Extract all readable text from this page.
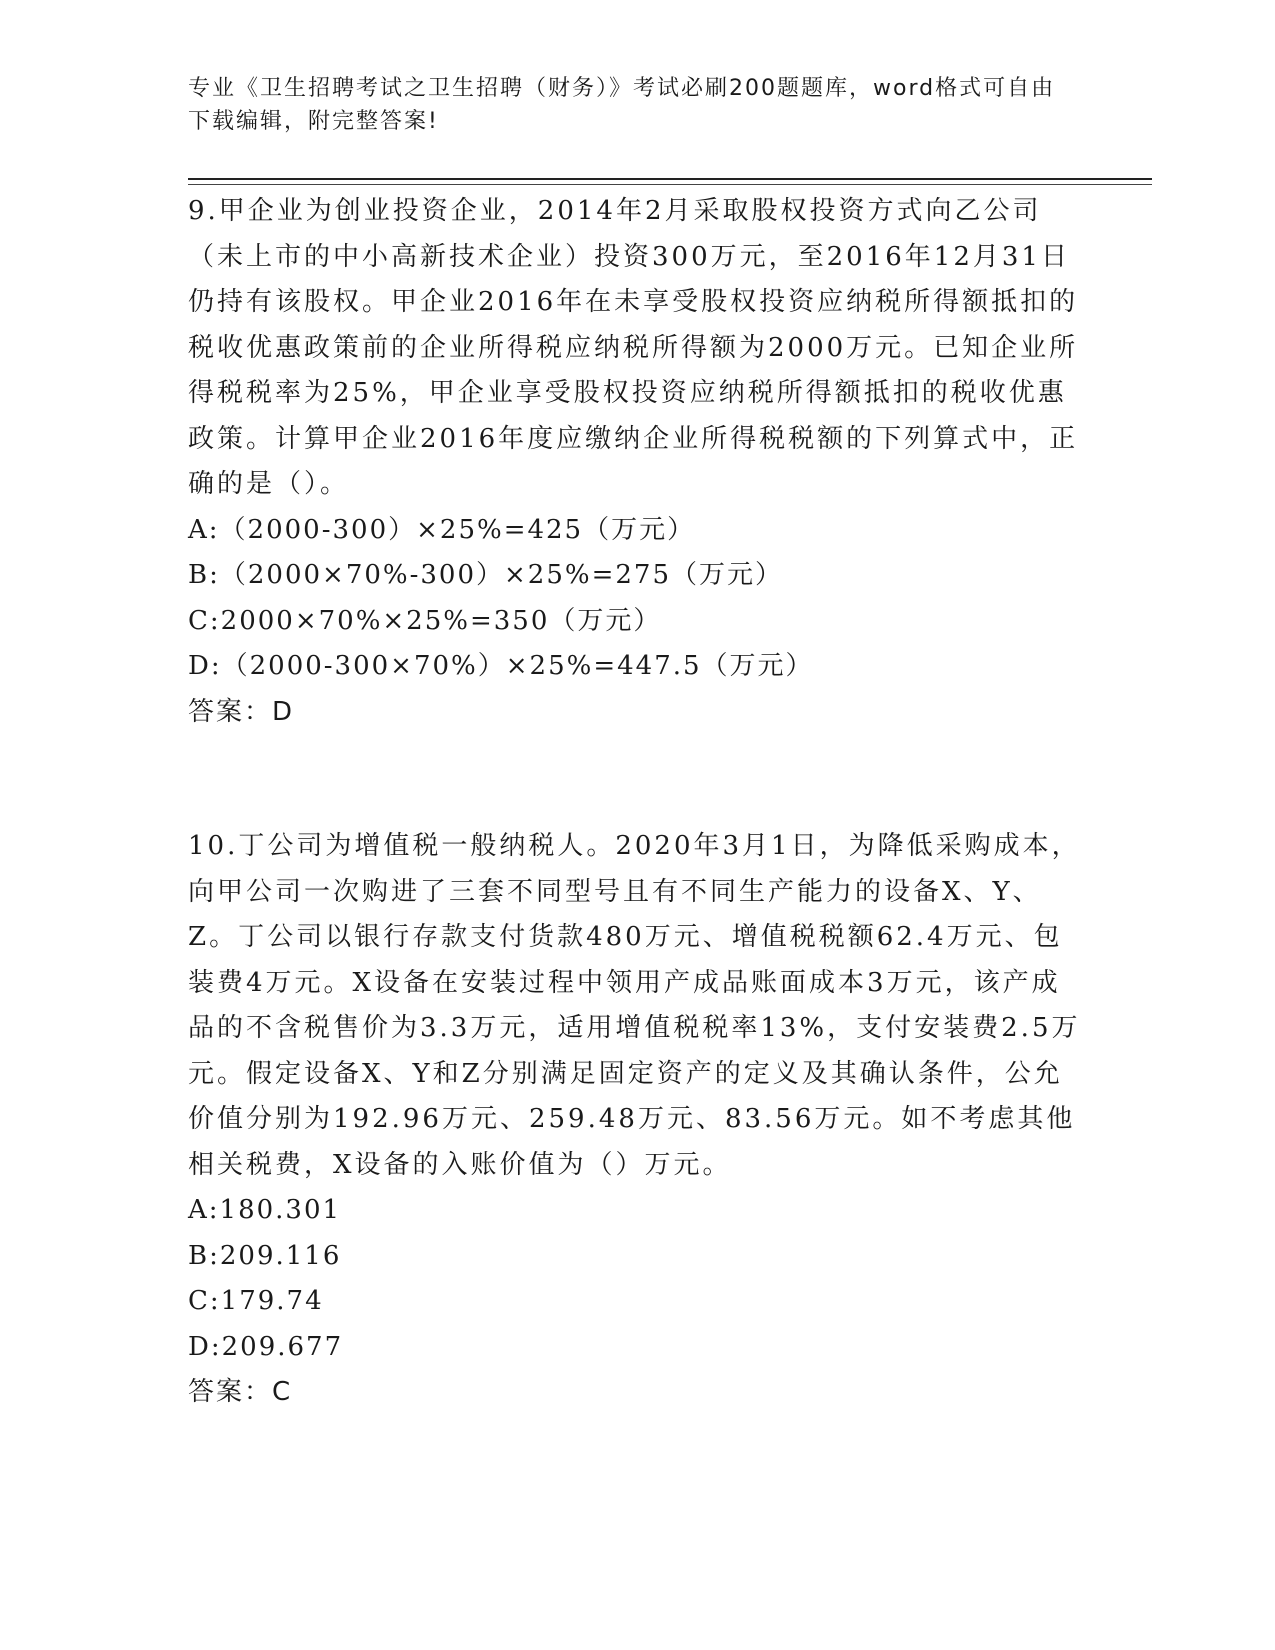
专业《卫生招聘考试之卫生招聘（财务）》考试必刷200题题库，word格式可自由下载编辑，附完整答案!

9.甲企业为创业投资企业，2014年2月采取股权投资方式向乙公司（未上市的中小高新技术企业）投资300万元，至2016年12月31日仍持有该股权。甲企业2016年在未享受股权投资应纳税所得额抵扣的税收优惠政策前的企业所得税应纳税所得额为2000万元。已知企业所得税税率为25%，甲企业享受股权投资应纳税所得额抵扣的税收优惠政策。计算甲企业2016年度应缴纳企业所得税税额的下列算式中，正确的是（）。

A:（2000-300）×25%=425（万元）

B:（2000×70%-300）×25%=275（万元）

C:2000×70%×25%=350（万元）

D:（2000-300×70%）×25%=447.5（万元）

答案：D

10.丁公司为增值税一般纳税人。2020年3月1日，为降低采购成本，向甲公司一次购进了三套不同型号且有不同生产能力的设备X、Y、Z。丁公司以银行存款支付货款480万元、增值税税额62.4万元、包装费4万元。X设备在安装过程中领用产成品账面成本3万元，该产成品的不含税售价为3.3万元，适用增值税税率13%，支付安装费2.5万元。假定设备X、Y和Z分别满足固定资产的定义及其确认条件，公允价值分别为192.96万元、259.48万元、83.56万元。如不考虑其他相关税费，X设备的入账价值为（）万元。

A:180.301

B:209.116

C:179.74

D:209.677

答案：C
